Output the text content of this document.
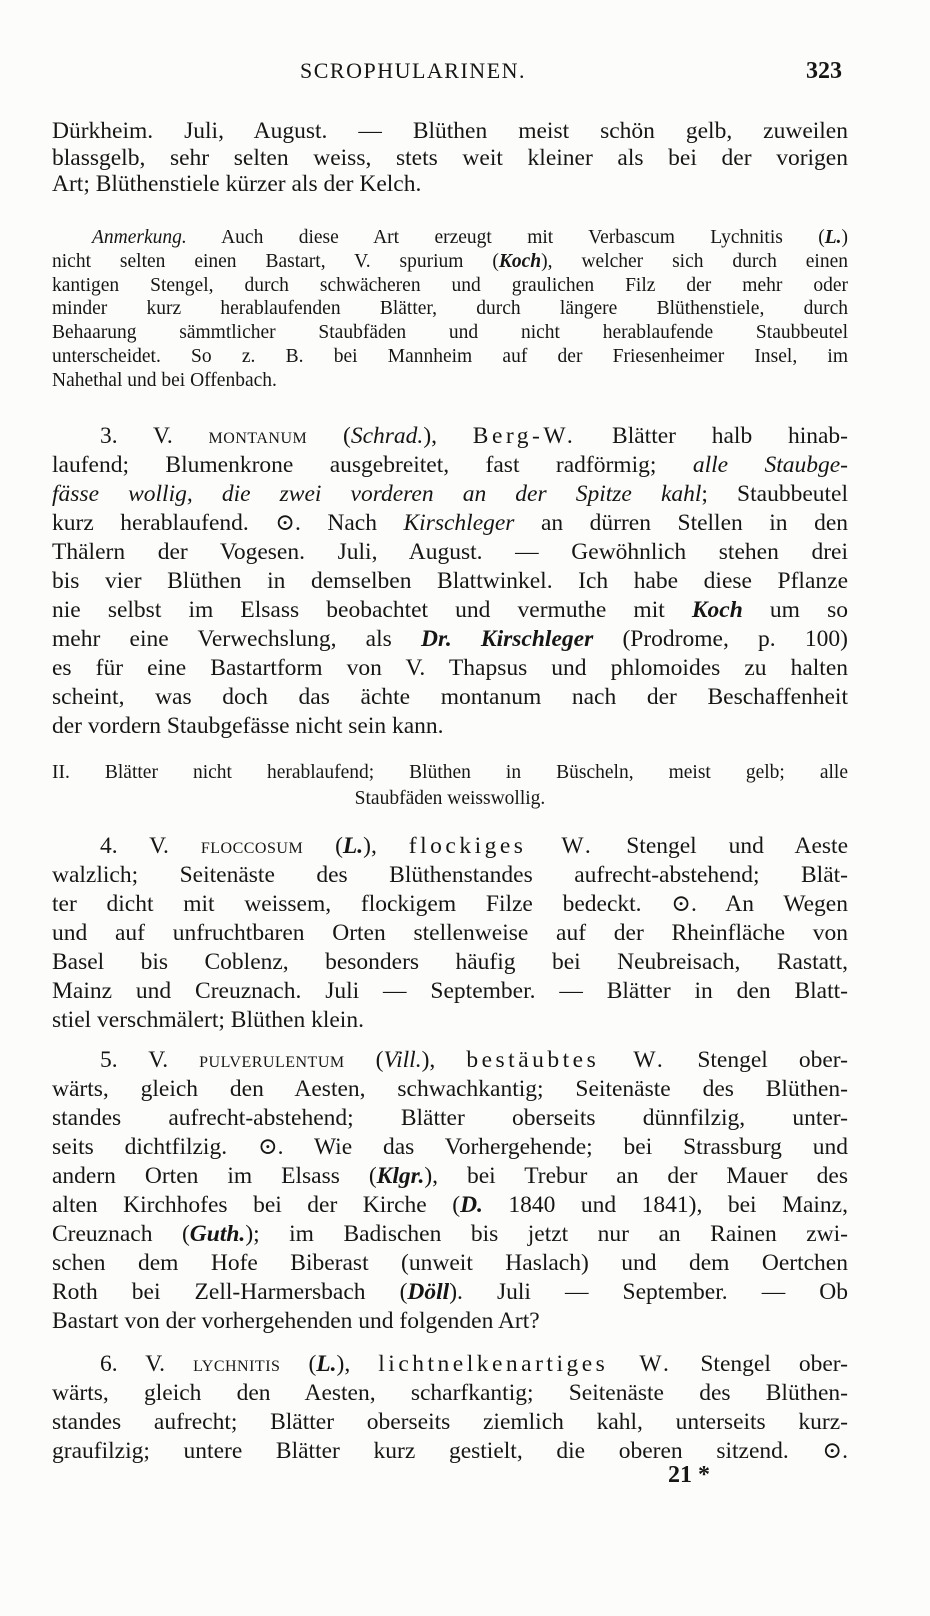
SCROPHULARINEN.	323
Dürkheim. Juli, August. — Blüthen meist schön gelb, zuweilen
blassgelb, sehr selten weiss, stets weit kleiner als bei der vorigen
Art; Blüthenstiele kürzer als der Kelch.
Anmerkung. Auch diese Art erzeugt mit Verbascum Lychnitis (L.)
nicht selten einen Bastart, V. spurium (Koch), welcher sich durch einen
kantigen Stengel, durch schwächeren und graulichen Filz der mehr oder
minder kurz herablaufenden Blätter, durch längere Blüthenstiele, durch
Behaarung sämmtlicher Staubfäden und nicht herablaufende Staubbeutel
unterscheidet. So z. B. bei Mannheim auf der Friesenheimer Insel, im
Nahethal und bei Offenbach.
3. V. montanum (Schrad.), Berg-W. Blätter halb hinab-
laufend; Blumenkrone ausgebreitet, fast radförmig; alle Staubge-
fässe wollig, die zwei vorderen an der Spitze kahl; Staubbeutel
kurz herablaufend. ⊙. Nach Kirschleger an dürren Stellen in den
Thälern der Vogesen. Juli, August. — Gewöhnlich stehen drei
bis vier Blüthen in demselben Blattwinkel. Ich habe diese Pflanze
nie selbst im Elsass beobachtet und vermuthe mit Koch um so
mehr eine Verwechslung, als Dr. Kirschleger (Prodrome, p. 100)
es für eine Bastartform von V. Thapsus und phlomoides zu halten
scheint, was doch das ächte montanum nach der Beschaffenheit
der vordern Staubgefässe nicht sein kann.
II. Blätter nicht herablaufend; Blüthen in Büscheln, meist gelb; alle
Staubfäden weisswollig.
4. V. floccosum (L.), flockiges W. Stengel und Aeste
walzlich; Seitenäste des Blüthenstandes aufrecht-abstehend; Blät-
ter dicht mit weissem, flockigem Filze bedeckt. ⊙. An Wegen
und auf unfruchtbaren Orten stellenweise auf der Rheinfläche von
Basel bis Coblenz, besonders häufig bei Neubreisach, Rastatt,
Mainz und Creuznach. Juli — September. — Blätter in den Blatt-
stiel verschmälert; Blüthen klein.
5. V. pulverulentum (Vill.), bestäubtes W. Stengel ober-
wärts, gleich den Aesten, schwachkantig; Seitenäste des Blüthen-
standes aufrecht-abstehend; Blätter oberseits dünnfilzig, unter-
seits dichtfilzig. ⊙. Wie das Vorhergehende; bei Strassburg und
andern Orten im Elsass (Klgr.), bei Trebur an der Mauer des
alten Kirchhofes bei der Kirche (D. 1840 und 1841), bei Mainz,
Creuznach (Guth.); im Badischen bis jetzt nur an Rainen zwi-
schen dem Hofe Biberast (unweit Haslach) und dem Oertchen
Roth bei Zell-Harmersbach (Döll). Juli — September. — Ob
Bastart von der vorhergehenden und folgenden Art?
6. V. lychnitis (L.), lichtnelkenartiges W. Stengel ober-
wärts, gleich den Aesten, scharfkantig; Seitenäste des Blüthen-
standes aufrecht; Blätter oberseits ziemlich kahl, unterseits kurz-
graufilzig; untere Blätter kurz gestielt, die oberen sitzend. ⊙.
21 *
